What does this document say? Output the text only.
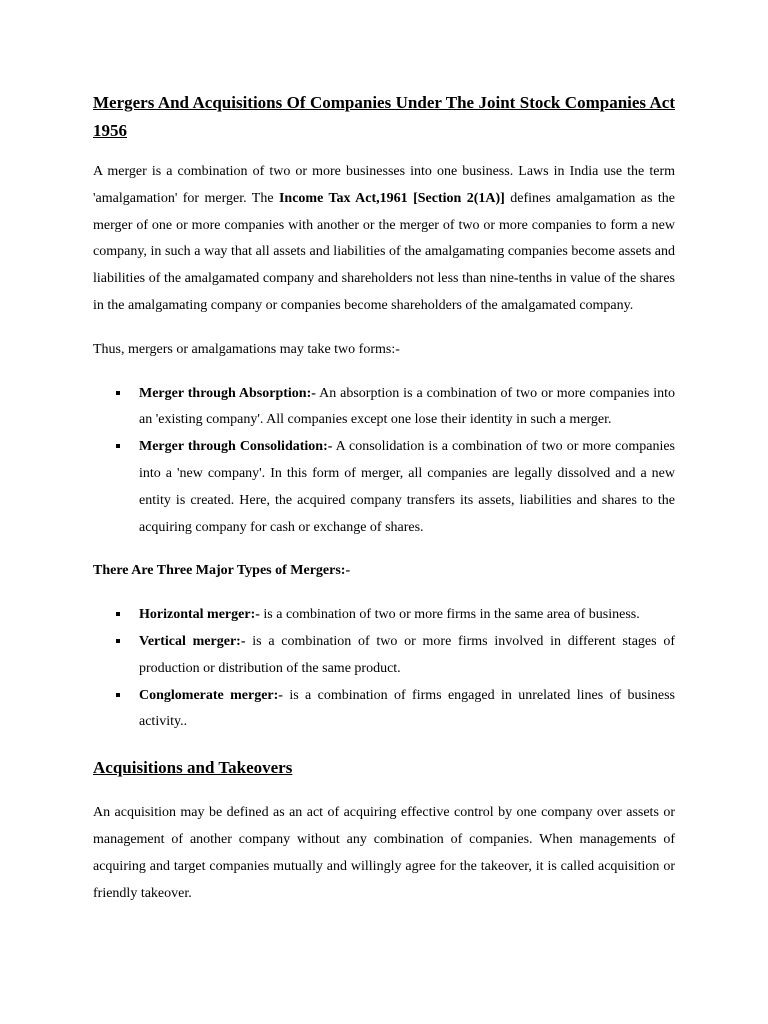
Mergers And Acquisitions Of Companies Under The Joint Stock Companies Act 1956

A merger is a combination of two or more businesses into one business. Laws in India use the term 'amalgamation' for merger. The Income Tax Act,1961 [Section 2(1A)] defines amalgamation as the merger of one or more companies with another or the merger of two or more companies to form a new company, in such a way that all assets and liabilities of the amalgamating companies become assets and liabilities of the amalgamated company and shareholders not less than nine-tenths in value of the shares in the amalgamating company or companies become shareholders of the amalgamated company.

Thus, mergers or amalgamations may take two forms:-

Merger through Absorption:- An absorption is a combination of two or more companies into an 'existing company'. All companies except one lose their identity in such a merger.
Merger through Consolidation:- A consolidation is a combination of two or more companies into a 'new company'. In this form of merger, all companies are legally dissolved and a new entity is created. Here, the acquired company transfers its assets, liabilities and shares to the acquiring company for cash or exchange of shares.

There Are Three Major Types of Mergers:-

Horizontal merger:- is a combination of two or more firms in the same area of business.
Vertical merger:- is a combination of two or more firms involved in different stages of production or distribution of the same product.
Conglomerate merger:- is a combination of firms engaged in unrelated lines of business activity..
Acquisitions and Takeovers

An acquisition may be defined as an act of acquiring effective control by one company over assets or management of another company without any combination of companies. When managements of acquiring and target companies mutually and willingly agree for the takeover, it is called acquisition or friendly takeover.
